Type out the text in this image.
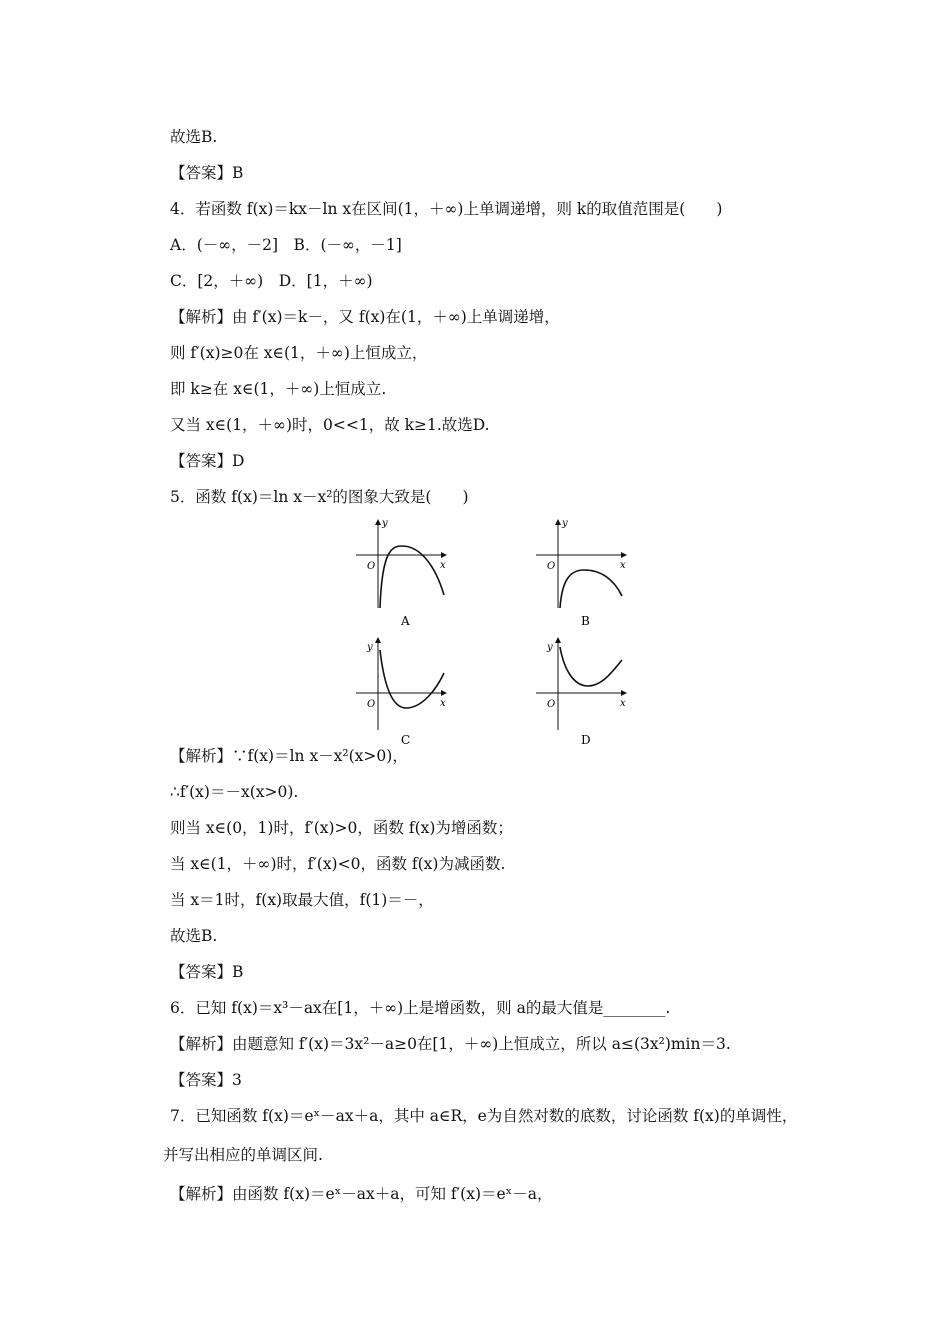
故选B.
【答案】B
4．若函数 f(x)＝kx－ln x在区间(1，＋∞)上单调递增，则 k的取值范围是(　　)
A．(－∞，－2]　B．(－∞，－1]
C．[2，＋∞)　D．[1，＋∞)
【解析】由 f′(x)＝k－，又 f(x)在(1，＋∞)上单调递增，
则 f′(x)≥0在 x∈(1，＋∞)上恒成立，
即 k≥在 x∈(1，＋∞)上恒成立.
又当 x∈(1，＋∞)时，0<<1，故 k≥1.故选D.
【答案】D
5．函数 f(x)＝ln x－x²的图象大致是(　　)
x
y
O
A
x
y
O
B
x
y
O
C
x
y
O
D
【解析】∵f(x)＝ln x－x²(x>0)，
∴f′(x)＝－x(x>0).
则当 x∈(0，1)时，f′(x)>0，函数 f(x)为增函数；
当 x∈(1，＋∞)时，f′(x)<0，函数 f(x)为减函数.
当 x＝1时，f(x)取最大值，f(1)＝－，
故选B.
【答案】B
6．已知 f(x)＝x³－ax在[1，＋∞)上是增函数，则 a的最大值是________.
【解析】由题意知 f′(x)＝3x²－a≥0在[1，＋∞)上恒成立，所以 a≤(3x²)min＝3.
【答案】3
7．已知函数 f(x)＝eˣ－ax＋a，其中 a∈R，e为自然对数的底数，讨论函数 f(x)的单调性，
并写出相应的单调区间.
【解析】由函数 f(x)＝eˣ－ax＋a，可知 f′(x)＝eˣ－a，
